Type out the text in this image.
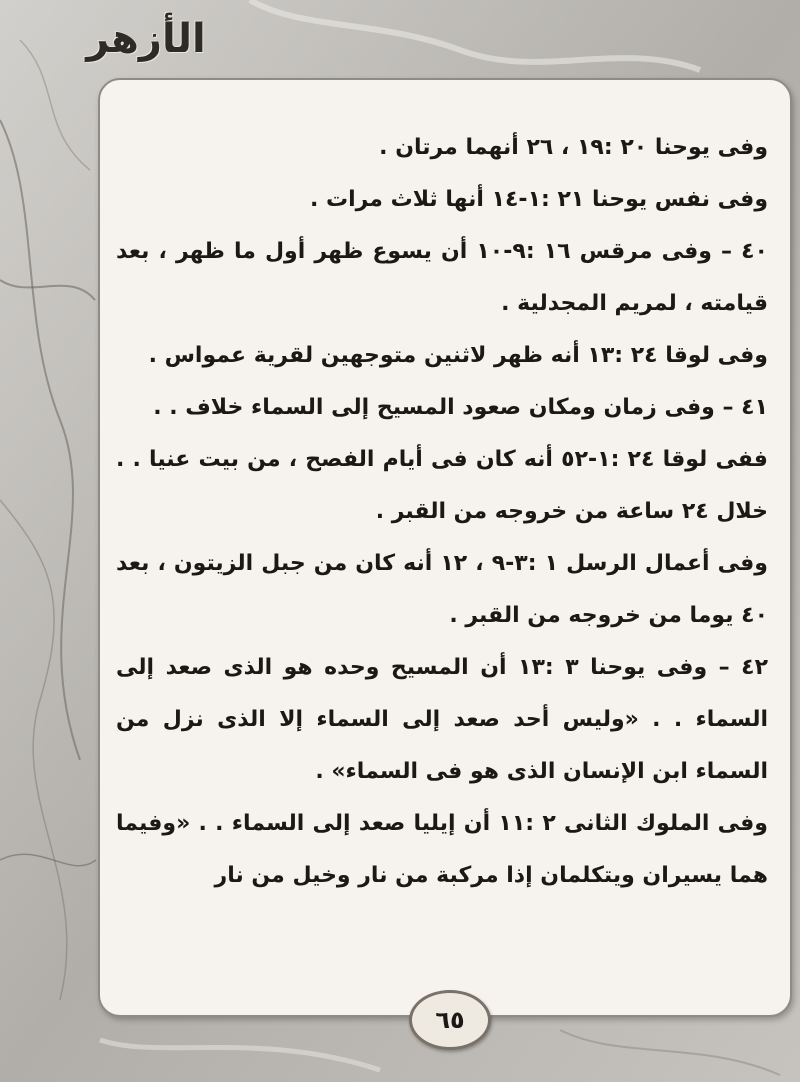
الأزهر

وفى يوحنا ٢٠ :١٩ ، ٢٦ أنهما مرتان .

وفى نفس يوحنا ٢١ :١-١٤ أنها ثلاث مرات .

٤٠ – وفى مرقس ١٦ :٩-١٠ أن يسوع ظهر أول ما ظهر ، بعد قيامته ، لمريم المجدلية .

وفى لوقا ٢٤ :١٣ أنه ظهر لاثنين متوجهين لقرية عمواس .

٤١ – وفى زمان ومكان صعود المسيح إلى السماء خلاف . .

ففى لوقا ٢٤ :١-٥٢ أنه كان فى أيام الفصح ، من بيت عنيا . . خلال ٢٤ ساعة من خروجه من القبر .

وفى أعمال الرسل ١ :٣-٩ ، ١٢ أنه كان من جبل الزيتون ، بعد ٤٠ يوما من خروجه من القبر .

٤٢ – وفى يوحنا ٣ :١٣ أن المسيح وحده هو الذى صعد إلى السماء . . «وليس أحد صعد إلى السماء إلا الذى نزل من السماء ابن الإنسان الذى هو فى السماء» .

وفى الملوك الثانى ٢ :١١ أن إيليا صعد إلى السماء . . «وفيما هما يسيران ويتكلمان إذا مركبة من نار وخيل من نار

٦٥
